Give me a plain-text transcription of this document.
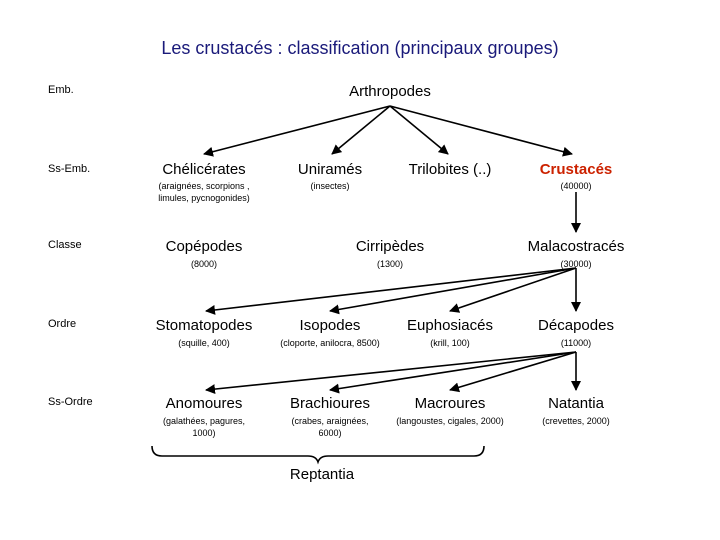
Les crustacés : classification (principaux groupes)
Emb.
Ss-Emb.
Classe
Ordre
Ss-Ordre
Arthropodes
Chélicérates
(araignées, scorpions , limules, pycnogonides)
Uniramés
(insectes)
Trilobites (..)	Crustacés
(40000)
Copépodes
(8000)
Cirripèdes
(1300)
Malacostracés
(30000)
Stomatopodes
(squille, 400)
Isopodes
(cloporte, anilocra, 8500)
Euphosiacés
(krill, 100)
Décapodes
(11000)
Anomoures
(galathées, pagures, 1000)
Brachioures
(crabes, araignées, 6000)
Macroures
(langoustes, cigales, 2000)
Natantia
(crevettes, 2000)
Reptantia
